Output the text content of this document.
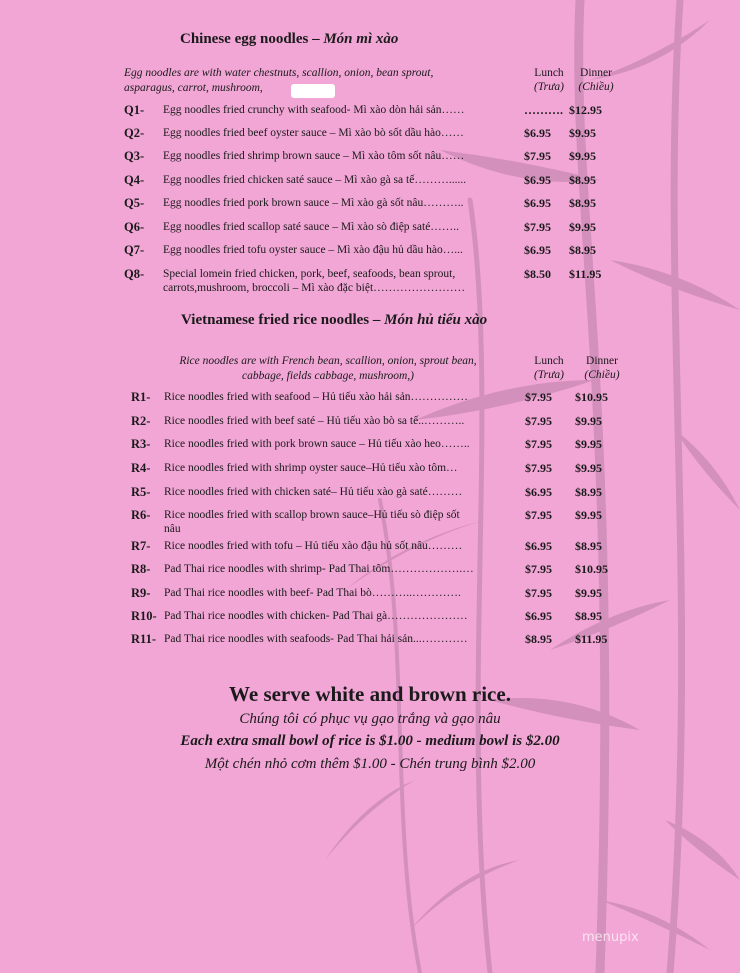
Chinese egg noodles – Món mì xào
Egg noodles are with water chestnuts, scallion, onion, bean sprout,
asparagus, carrot, mushroom,
Lunch
(Trưa)
Dinner
(Chiều)
Q1- Egg noodles fried crunchy with seafood- Mì xào dòn hải sản……	………. $12.95
Q2- Egg noodles fried beef oyster sauce – Mì xào bò sốt dầu hào……	$6.95 $9.95
Q3- Egg noodles fried shrimp brown sauce – Mì xào tôm sốt nâu……	$7.95 $9.95
Q4- Egg noodles fried chicken saté sauce – Mì xào gà sa tế………......	$6.95 $8.95
Q5- Egg noodles fried pork brown sauce – Mì xào gà sốt nâu………..	$6.95 $8.95
Q6- Egg noodles fried scallop saté sauce – Mì xào sò điệp saté……..	$7.95 $9.95
Q7- Egg noodles fried tofu oyster sauce – Mì xào đậu hủ dầu hào…...	$6.95 $8.95
Q8- Special lomein fried chicken, pork, beef, seafoods, bean sprout,
carrots,mushroom, broccoli – Mì xào đặc biệt……………………
$8.50 $11.95
Vietnamese fried rice noodles – Món hủ tiếu xào
Rice noodles are with French bean, scallion, onion, sprout bean,
cabbage, fields cabbage, mushroom,)
Lunch
(Trưa)
Dinner
(Chiều)
R1- Rice noodles fried with seafood – Hủ tiếu xào hải sản……………	$7.95 $10.95
R2- Rice noodles fried with beef saté – Hủ tiếu xào bò sa tế..………..	$7.95 $9.95
R3- Rice noodles fried with pork brown sauce – Hủ tiếu xào heo……..	$7.95 $9.95
R4- Rice noodles fried with shrimp oyster sauce–Hủ tiếu xào tôm…	$7.95 $9.95
R5- Rice noodles fried with chicken saté– Hủ tiếu xào gà saté………	$6.95 $8.95
R6- Rice noodles fried with scallop brown sauce–Hủ tiếu sò điệp sốt
nâu
$7.95 $9.95
R7- Rice noodles fried with tofu – Hủ tiếu xào đậu hủ sốt nâu………	$6.95 $8.95
R8- Pad Thai rice noodles with shrimp- Pad Thai tôm……………….…	$7.95 $10.95
R9- Pad Thai rice noodles with beef- Pad Thai bò………..………….	$7.95 $9.95
R10- Pad Thai rice noodles with chicken- Pad Thai gà…………………	$6.95 $8.95
R11- Pad Thai rice noodles with seafoods- Pad Thai hải sản...…………	$8.95 $11.95
We serve white and brown rice.
Chúng tôi có phục vụ gạo trắng và gạo nâu
Each extra small bowl of rice is $1.00 - medium bowl is $2.00
Một chén nhỏ cơm thêm $1.00 - Chén trung bình $2.00
menupix
